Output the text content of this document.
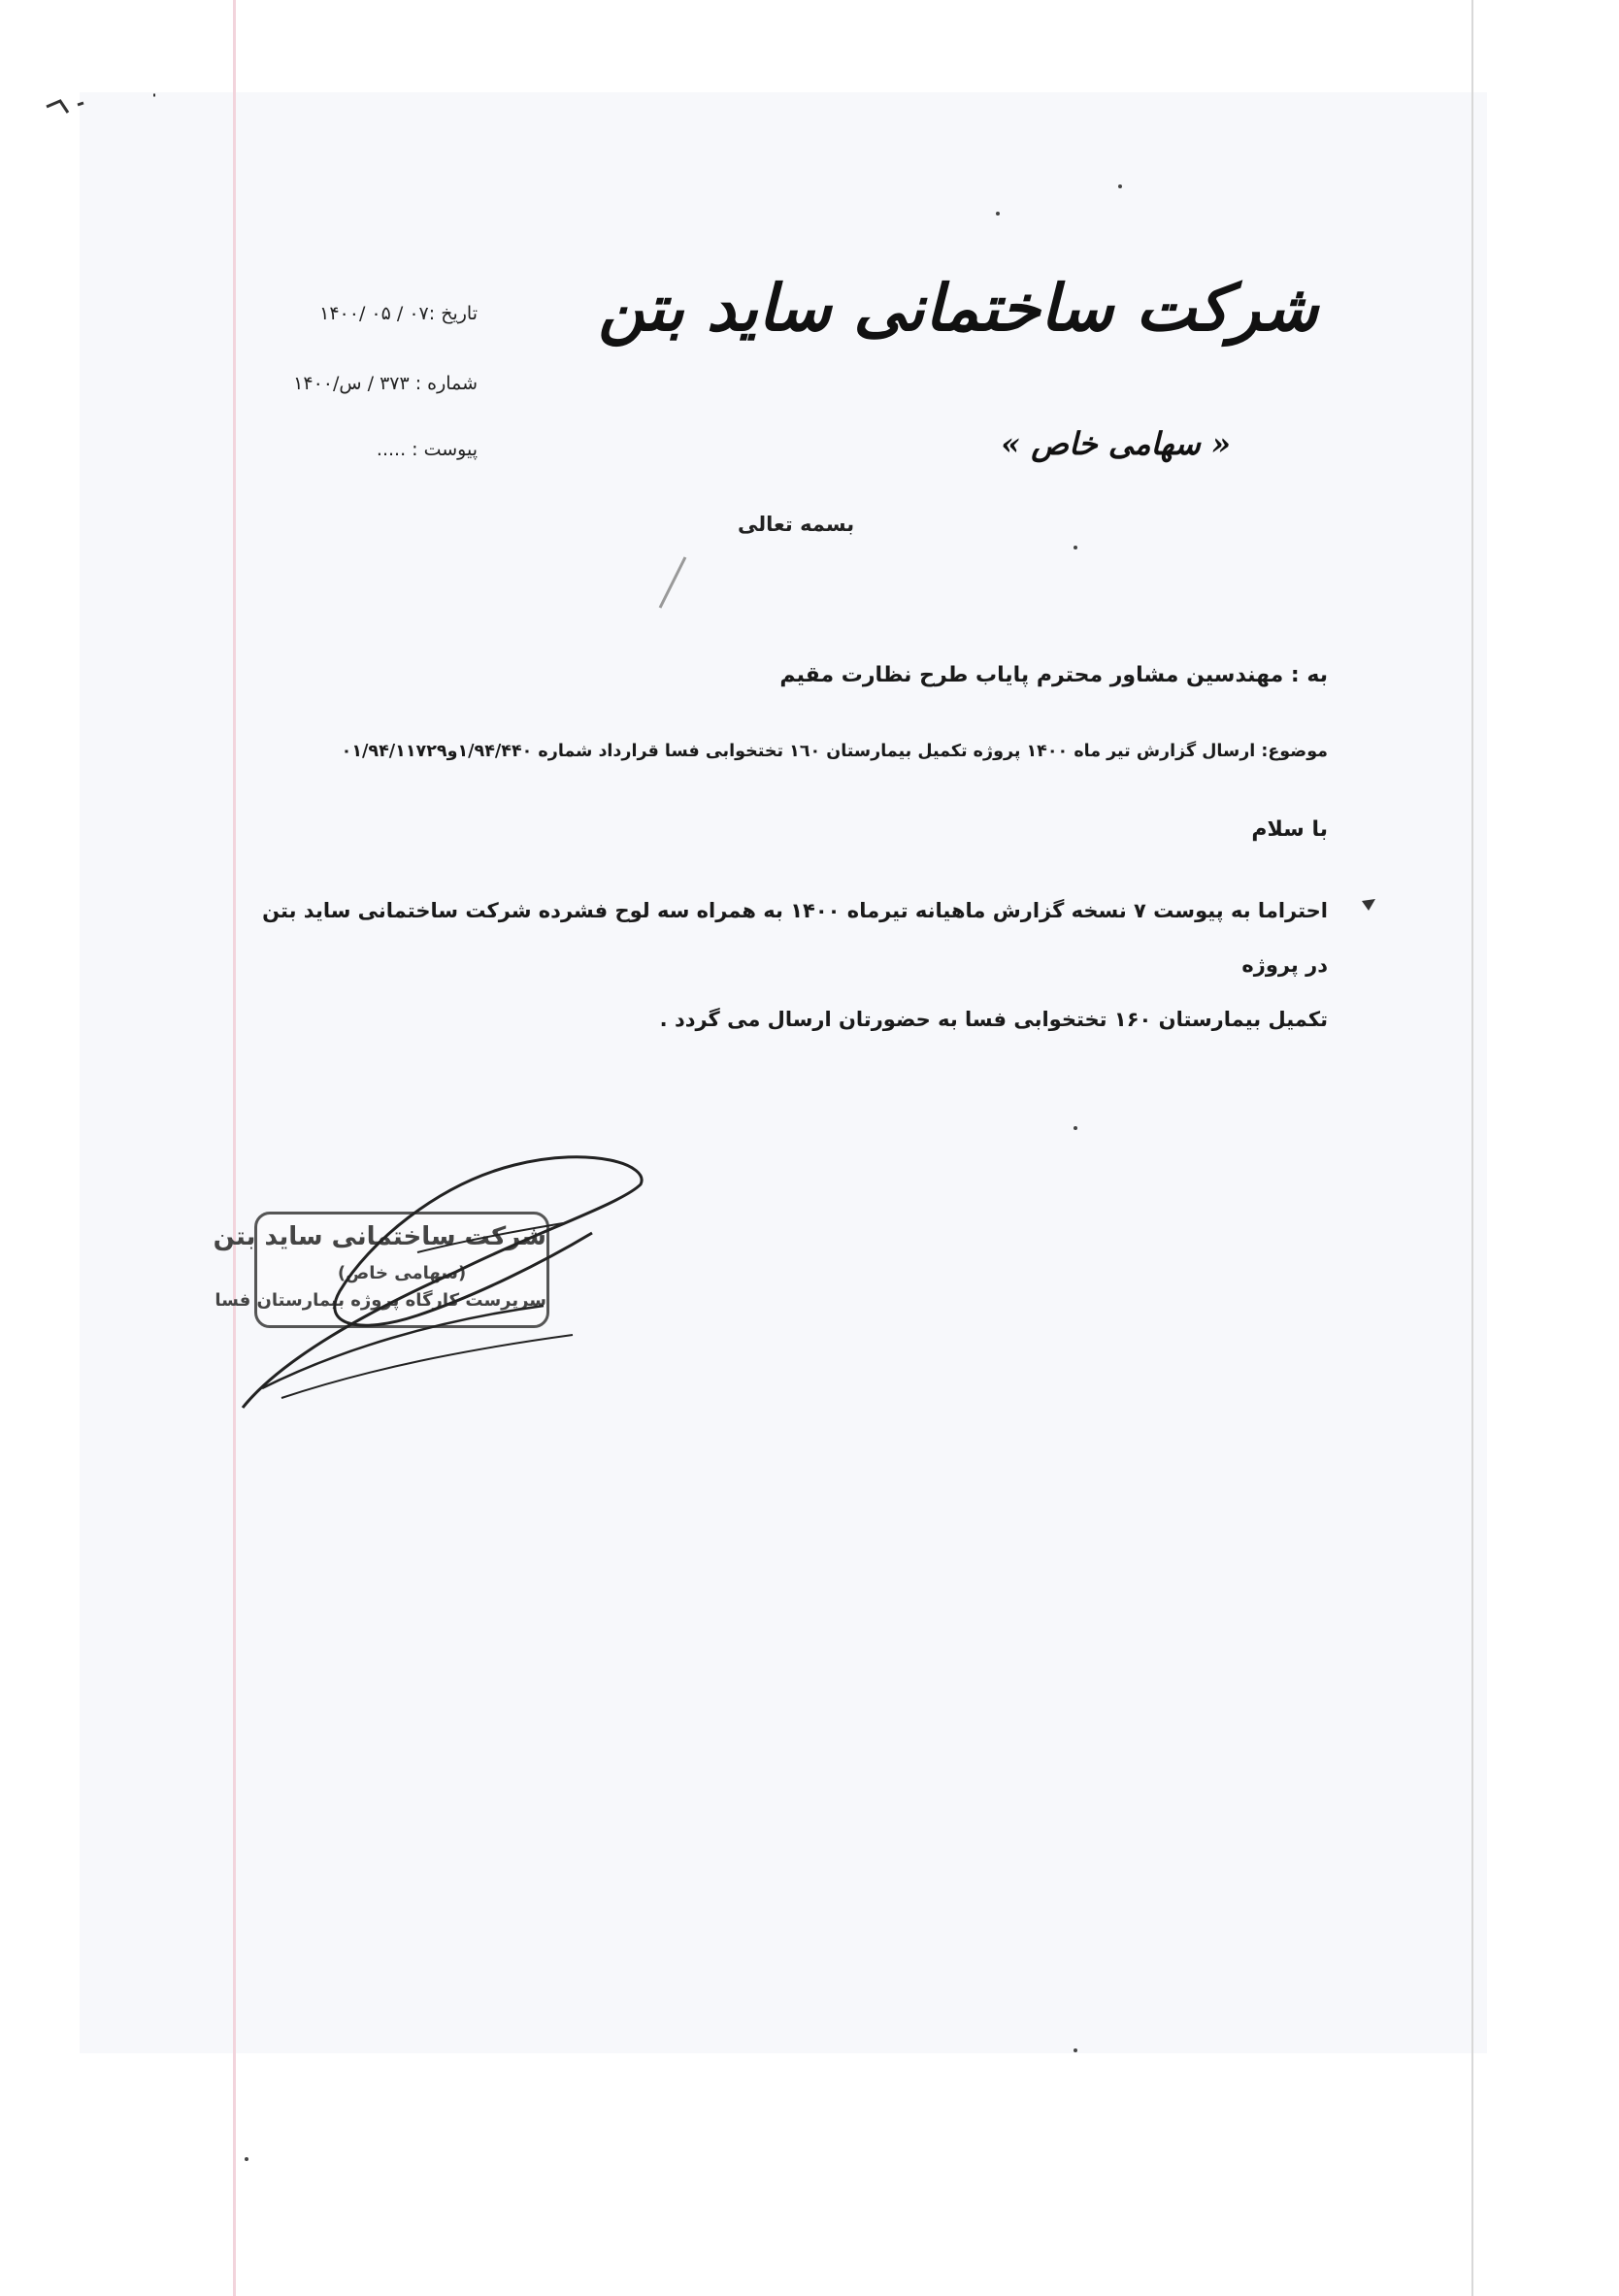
شرکت ساختمانی ساید بتن
« سهامی خاص »
تاریخ :۰۷ / ۰۵ /۱۴۰۰
شماره : ۳۷۳ / س/۱۴۰۰
پیوست : .....
بسمه تعالی
به : مهندسین مشاور محترم پایاب طرح نظارت مقیم
موضوع: ارسال گزارش تیر ماه ۱۴۰۰ پروژه تکمیل بیمارستان ١٦٠ تختخوابی فسا قرارداد شماره ۱/۹۴/۴۴۰و۰۱/۹۴/۱۱۷۲۹
با سلام
احتراما به پیوست ۷ نسخه گزارش ماهیانه تیرماه ۱۴۰۰ به همراه سه لوح فشرده شرکت ساختمانی ساید بتن در پروژه
تکمیل بیمارستان ۱۶۰ تختخوابی فسا به حضورتان ارسال می گردد .
شرکت ساختمانی ساید بتن
(سهامی خاص)
سرپرست کارگاه پروژه بیمارستان فسا
